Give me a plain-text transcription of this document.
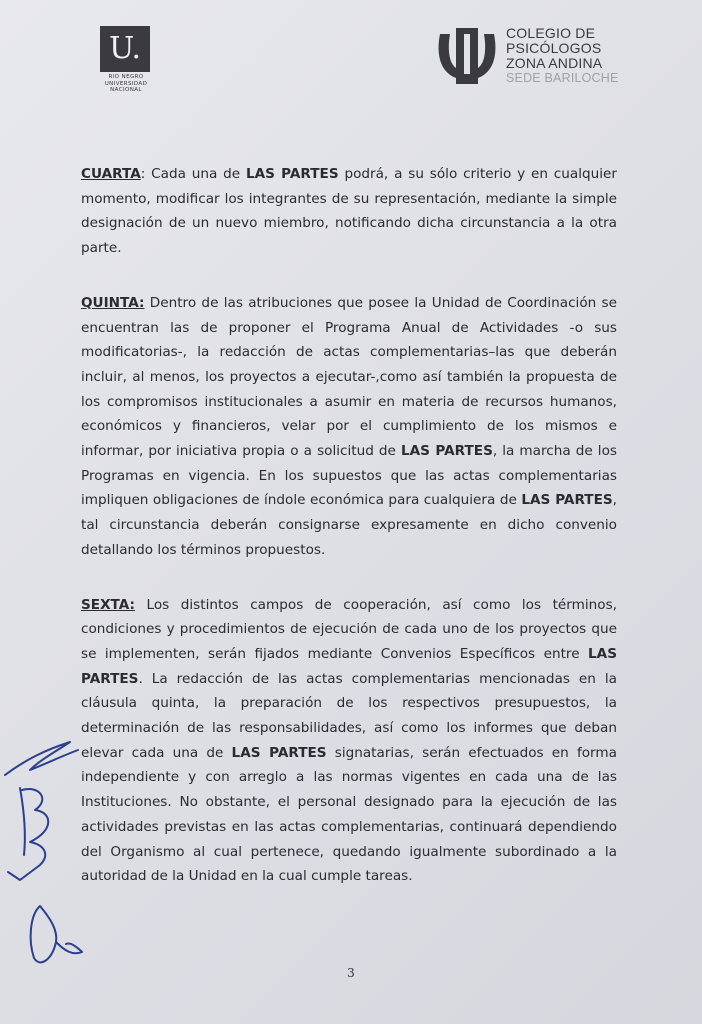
U.
RIO NEGRO
UNIVERSIDAD
NACIONAL
COLEGIO DE
PSICÓLOGOS
ZONA ANDINA
SEDE BARILOCHE

CUARTA: Cada una de LAS PARTES podrá, a su sólo criterio y en cualquier momento, modificar los integrantes de su representación, mediante la simple designación de un nuevo miembro, notificando dicha circunstancia a la otra parte.

QUINTA: Dentro de las atribuciones que posee la Unidad de Coordinación se encuentran las de proponer el Programa Anual de Actividades -o sus modificatorias-, la redacción de actas complementarias–las que deberán incluir, al menos, los proyectos a ejecutar-,como así también la propuesta de los compromisos institucionales a asumir en materia de recursos humanos, económicos y financieros, velar por el cumplimiento de los mismos e informar, por iniciativa propia o a solicitud de LAS PARTES, la marcha de los Programas en vigencia. En los supuestos que las actas complementarias impliquen obligaciones de índole económica para cualquiera de LAS PARTES, tal circunstancia deberán consignarse expresamente en dicho convenio detallando los términos propuestos.

SEXTA: Los distintos campos de cooperación, así como los términos, condiciones y procedimientos de ejecución de cada uno de los proyectos que se implementen, serán fijados mediante Convenios Específicos entre LAS PARTES. La redacción de las actas complementarias mencionadas en la cláusula quinta, la preparación de los respectivos presupuestos, la determinación de las responsabilidades, así como los informes que deban elevar cada una de LAS PARTES signatarias, serán efectuados en forma independiente y con arreglo a las normas vigentes en cada una de las Instituciones. No obstante, el personal designado para la ejecución de las actividades previstas en las actas complementarias, continuará dependiendo del Organismo al cual pertenece, quedando igualmente subordinado a la autoridad de la Unidad en la cual cumple tareas.

3
